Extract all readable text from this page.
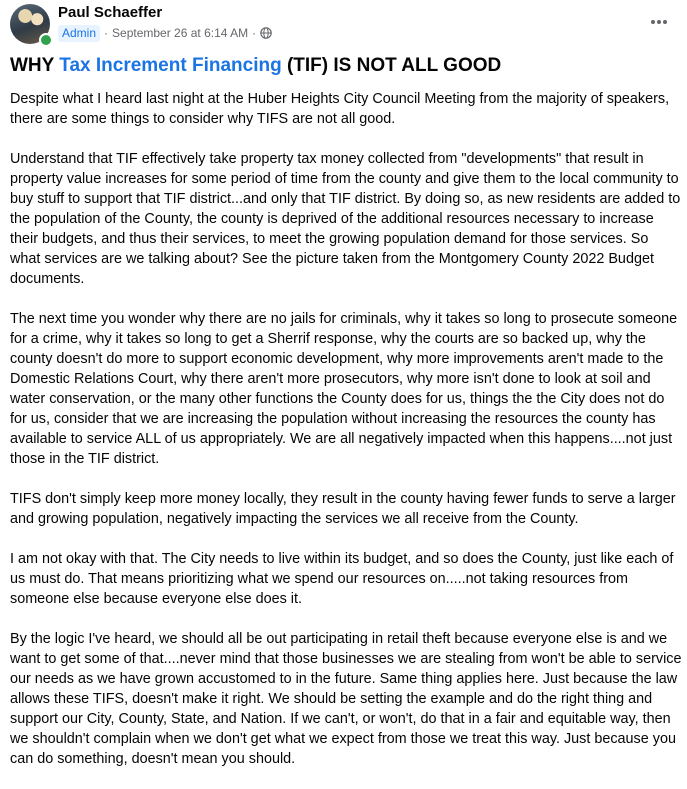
Paul Schaeffer
Admin · September 26 at 6:14 AM ·
WHY Tax Increment Financing (TIF) IS NOT ALL GOOD

Despite what I heard last night at the Huber Heights City Council Meeting from the majority of speakers, there are some things to consider why TIFS are not all good.

Understand that TIF effectively take property tax money collected from "developments" that result in property value increases for some period of time from the county and give them to the local community to buy stuff to support that TIF district...and only that TIF district. By doing so, as new residents are added to the population of the County, the county is deprived of the additional resources necessary to increase their budgets, and thus their services, to meet the growing population demand for those services. So what services are we talking about? See the picture taken from the Montgomery County 2022 Budget documents.

The next time you wonder why there are no jails for criminals, why it takes so long to prosecute someone for a crime, why it takes so long to get a Sherrif response, why the courts are so backed up, why the county doesn't do more to support economic development, why more improvements aren't made to the Domestic Relations Court, why there aren't more prosecutors, why more isn't done to look at soil and water conservation, or the many other functions the County does for us, things the the City does not do for us, consider that we are increasing the population without increasing the resources the county has available to service ALL of us appropriately. We are all negatively impacted when this happens....not just those in the TIF district.

TIFS don't simply keep more money locally, they result in the county having fewer funds to serve a larger and growing population, negatively impacting the services we all receive from the County.

I am not okay with that. The City needs to live within its budget, and so does the County, just like each of us must do. That means prioritizing what we spend our resources on.....not taking resources from someone else because everyone else does it.

By the logic I've heard, we should all be out participating in retail theft because everyone else is and we want to get some of that....never mind that those businesses we are stealing from won't be able to service our needs as we have grown accustomed to in the future. Same thing applies here. Just because the law allows these TIFS, doesn't make it right. We should be setting the example and do the right thing and support our City, County, State, and Nation. If we can't, or won't, do that in a fair and equitable way, then we shouldn't complain when we don't get what we expect from those we treat this way. Just because you can do something, doesn't mean you should.
